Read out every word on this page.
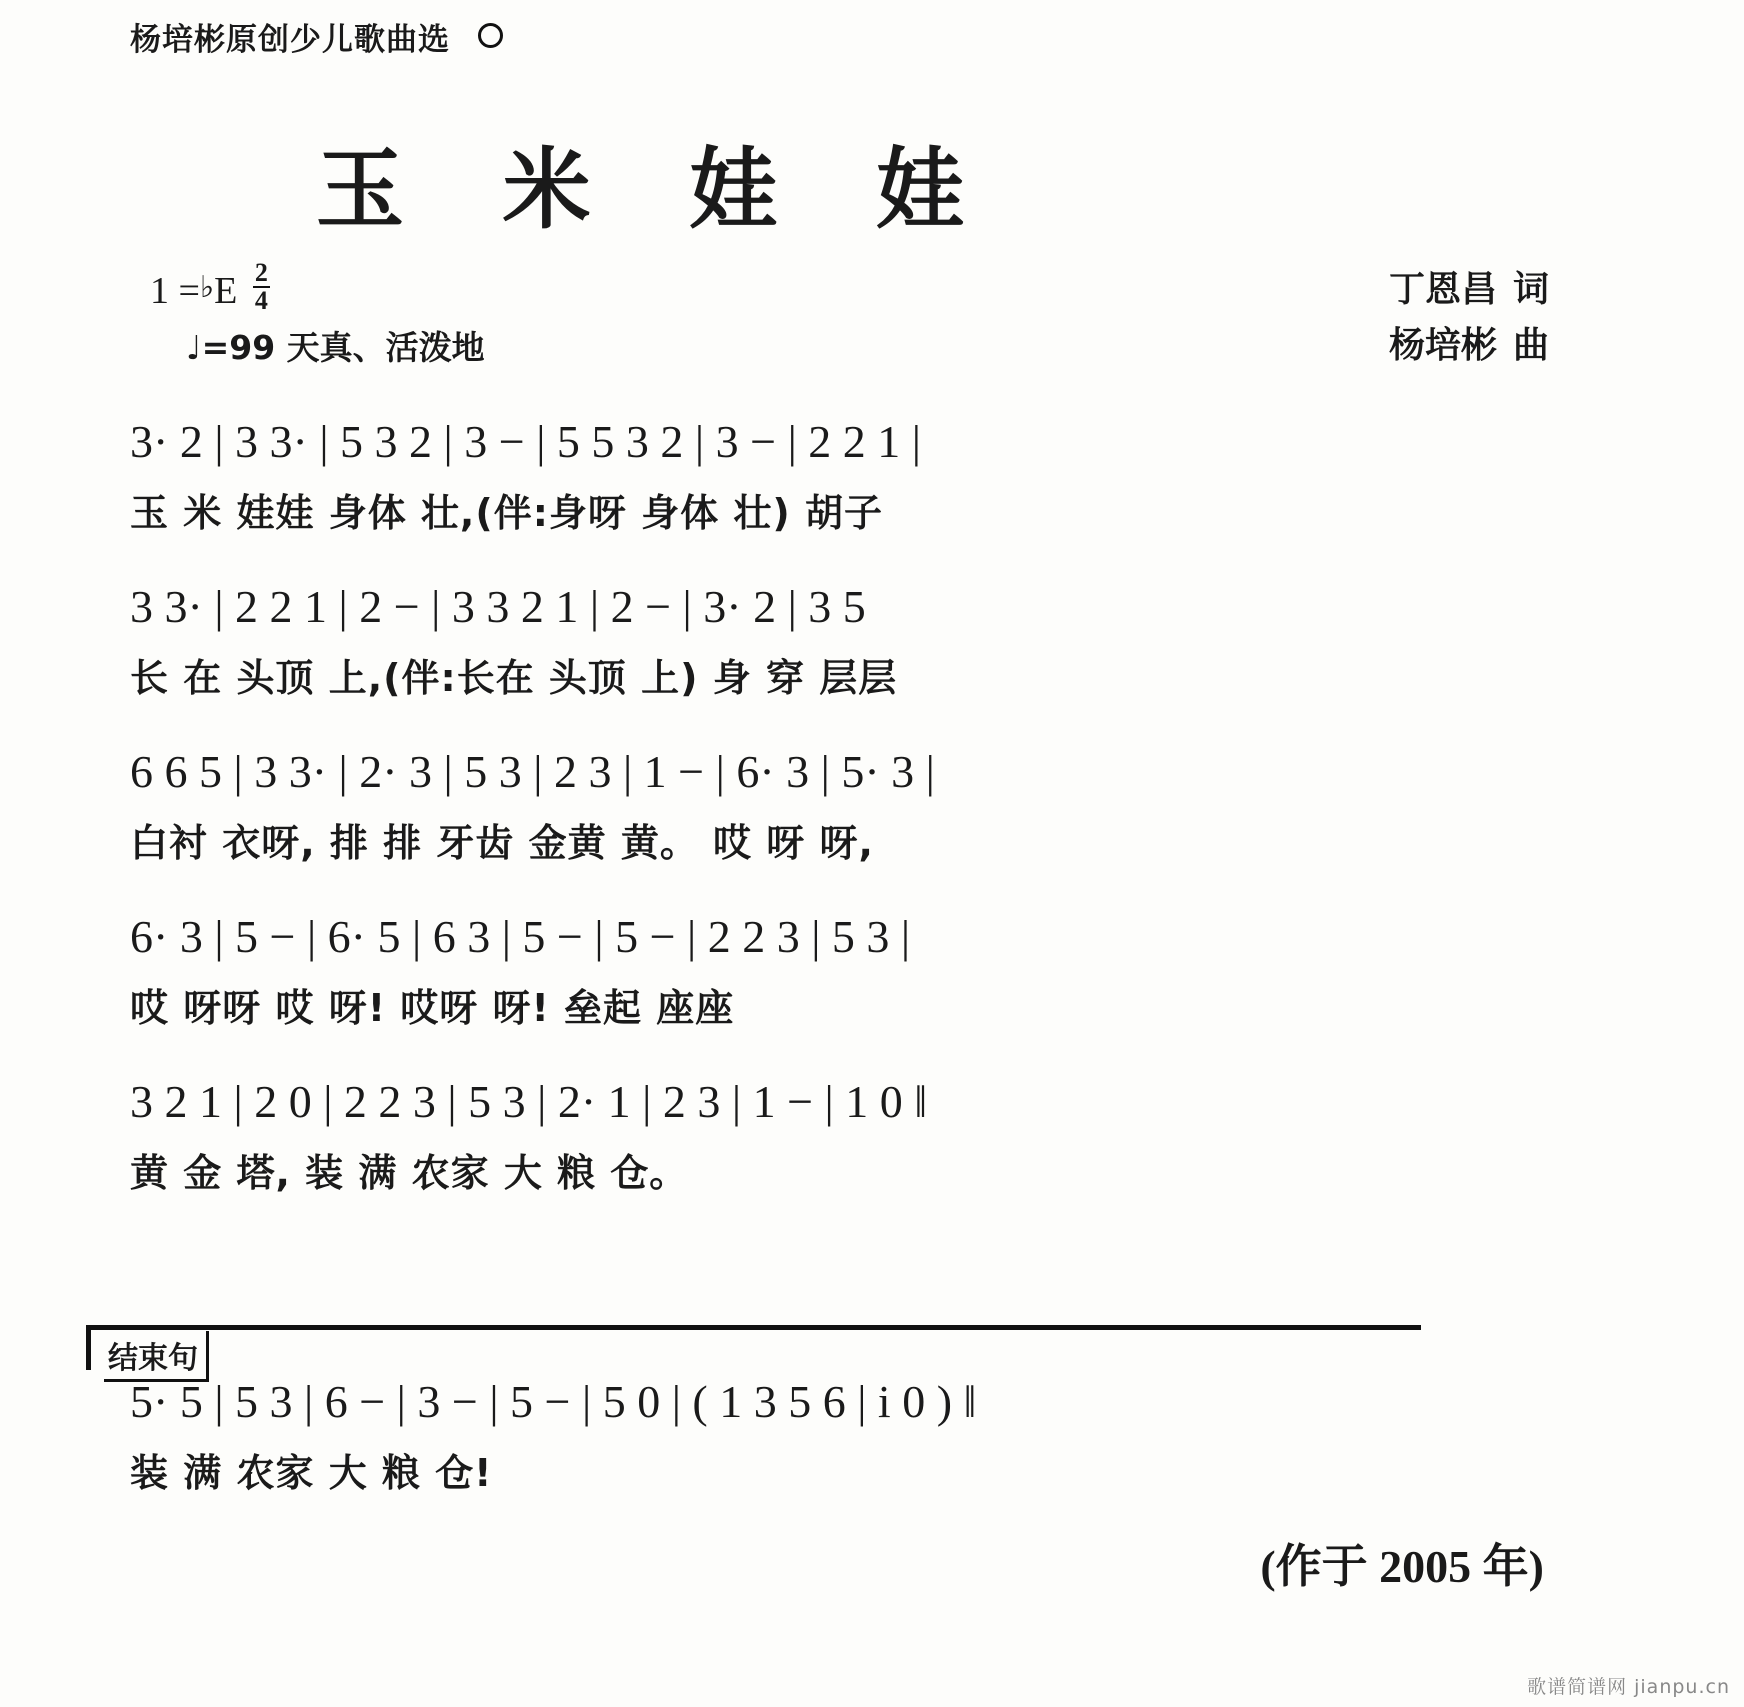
杨培彬原创少儿歌曲选
玉 米 娃 娃
1 =♭E $\frac{2}{4}$
♩=99 天真、活泼地
丁恩昌 词
杨培彬 曲
3· 2 | 3 3· | 5 3 2 | 3 − | 5 5 3 2 | 3 − | 2 2 1 |
玉 米 娃娃 身体 壮,(伴:身呀 身体 壮) 胡子
3 3· | 2 2 1 | 2 − | 3 3 2 1 | 2 − | 3· 2 | 3 5
长 在 头顶 上,(伴:长在 头顶 上) 身 穿 层层
6 6 5 | 3 3· | 2· 3 | 5 3 | 2 3 | 1 − | 6· 3 | 5· 3 |
白衬 衣呀, 排 排 牙齿 金黄 黄。 哎 呀 呀,
6· 3 | 5 − | 6· 5 | 6 3 | 5 − | 5 − | 2 2 3 | 5 3 |
哎 呀呀 哎 呀! 哎呀 呀! 垒起 座座
3 2 1 | 2 0 | 2 2 3 | 5 3 | 2· 1 | 2 3 | 1 − | 1 0 ‖
黄 金 塔, 装 满 农家 大 粮 仓。
结束句
5· 5 | 5 3 | 6 − | 3 − | 5 − | 5 0 | ( 1 3 5 6 | i 0 ) ‖
装 满 农家 大 粮 仓!
(作于 2005 年)
歌谱简谱网 jianpu.cn
